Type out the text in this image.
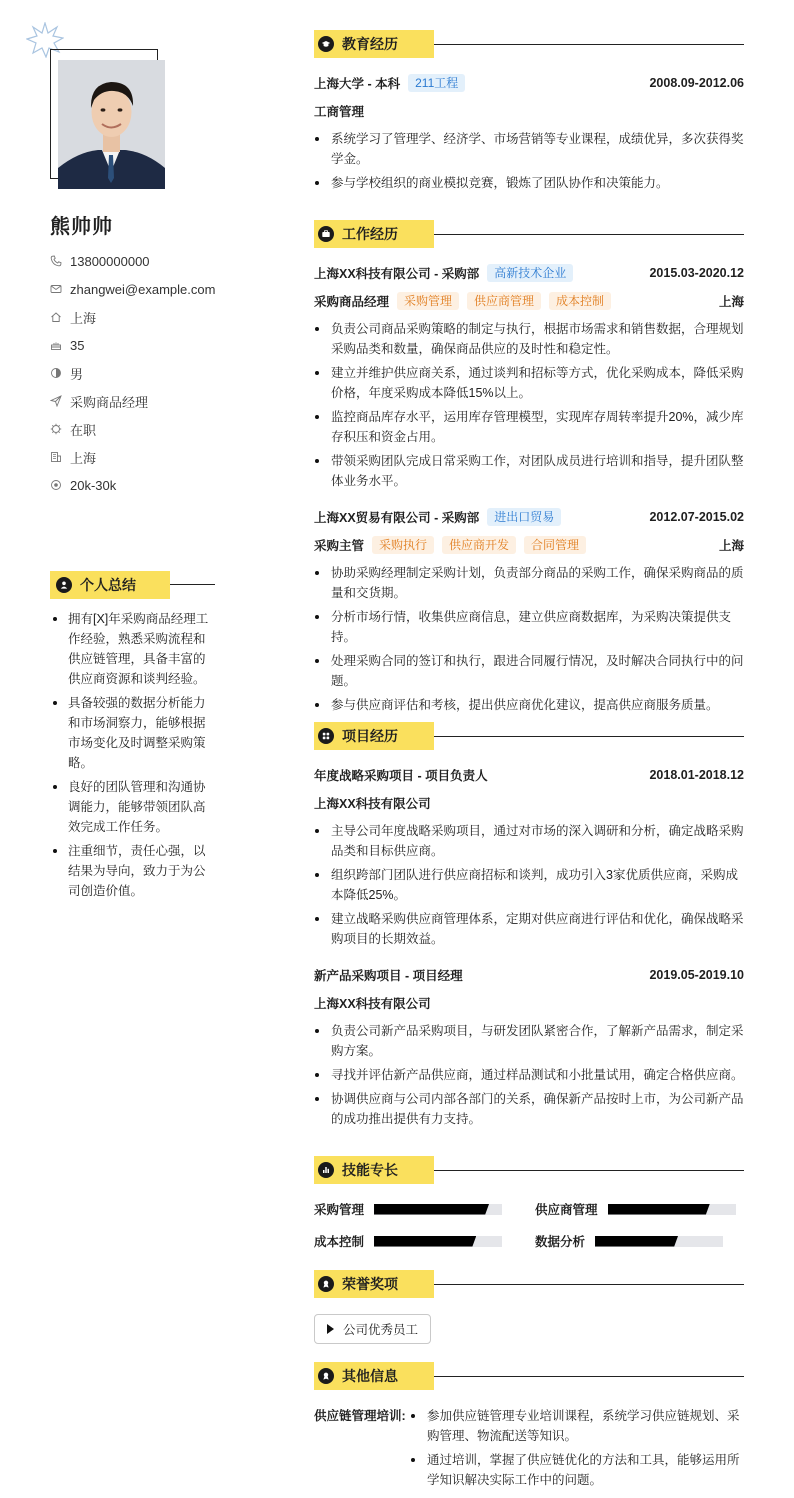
熊帅帅
13800000000
zhangwei@example.com
上海
35
男
采购商品经理
在职
上海
20k-30k
个人总结
拥有[X]年采购商品经理工作经验，熟悉采购流程和供应链管理，具备丰富的供应商资源和谈判经验。
具备较强的数据分析能力和市场洞察力，能够根据市场变化及时调整采购策略。
良好的团队管理和沟通协调能力，能够带领团队高效完成工作任务。
注重细节，责任心强，以结果为导向，致力于为公司创造价值。
教育经历
上海大学 - 本科	211工程	2008.09-2012.06
工商管理
系统学习了管理学、经济学、市场营销等专业课程，成绩优异，多次获得奖学金。
参与学校组织的商业模拟竞赛，锻炼了团队协作和决策能力。
工作经历
上海XX科技有限公司 - 采购部	高新技术企业	2015.03-2020.12
采购商品经理	采购管理	供应商管理	成本控制	上海
负责公司商品采购策略的制定与执行，根据市场需求和销售数据，合理规划采购品类和数量，确保商品供应的及时性和稳定性。
建立并维护供应商关系，通过谈判和招标等方式，优化采购成本，降低采购价格，年度采购成本降低15%以上。
监控商品库存水平，运用库存管理模型，实现库存周转率提升20%，减少库存积压和资金占用。
带领采购团队完成日常采购工作，对团队成员进行培训和指导，提升团队整体业务水平。
上海XX贸易有限公司 - 采购部	进出口贸易	2012.07-2015.02
采购主管	采购执行	供应商开发	合同管理	上海
协助采购经理制定采购计划，负责部分商品的采购工作，确保采购商品的质量和交货期。
分析市场行情，收集供应商信息，建立供应商数据库，为采购决策提供支持。
处理采购合同的签订和执行，跟进合同履行情况，及时解决合同执行中的问题。
参与供应商评估和考核，提出供应商优化建议，提高供应商服务质量。
项目经历
年度战略采购项目 - 项目负责人	2018.01-2018.12
上海XX科技有限公司
主导公司年度战略采购项目，通过对市场的深入调研和分析，确定战略采购品类和目标供应商。
组织跨部门团队进行供应商招标和谈判，成功引入3家优质供应商，采购成本降低25%。
建立战略采购供应商管理体系，定期对供应商进行评估和优化，确保战略采购项目的长期效益。
新产品采购项目 - 项目经理	2019.05-2019.10
上海XX科技有限公司
负责公司新产品采购项目，与研发团队紧密合作，了解新产品需求，制定采购方案。
寻找并评估新产品供应商，通过样品测试和小批量试用，确定合格供应商。
协调供应商与公司内部各部门的关系，确保新产品按时上市，为公司新产品的成功推出提供有力支持。
技能专长
采购管理	供应商管理
成本控制	数据分析
荣誉奖项
公司优秀员工
其他信息
供应链管理培训:	参加供应链管理专业培训课程，系统学习供应链规划、采购管理、物流配送等知识。
通过培训，掌握了供应链优化的方法和工具，能够运用所学知识解决实际工作中的问题。
